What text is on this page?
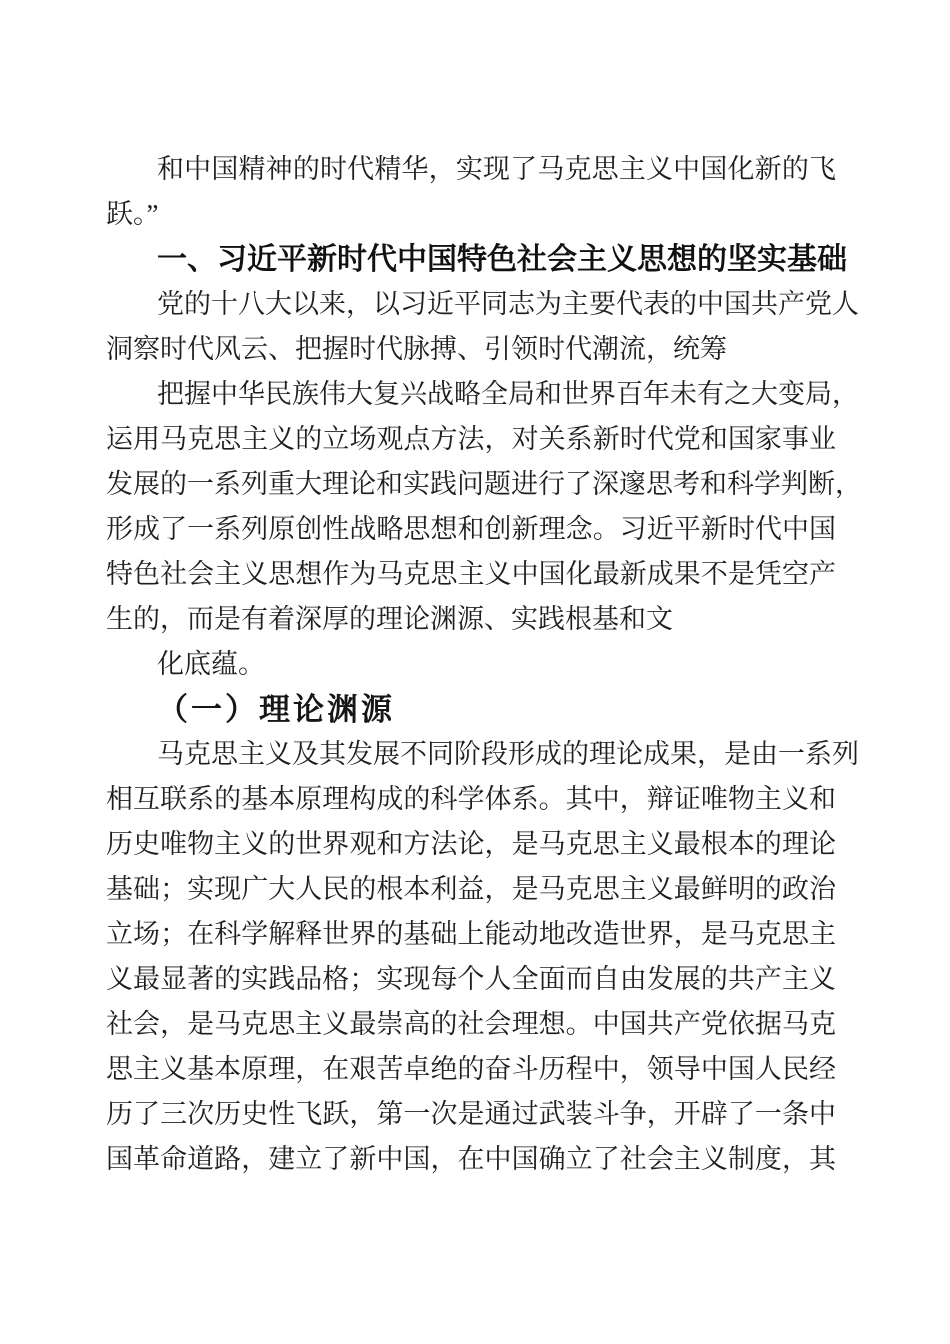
和中国精神的时代精华，实现了马克思主义中国化新的飞
跃。”
一、习近平新时代中国特色社会主义思想的坚实基础
党的十八大以来，以习近平同志为主要代表的中国共产党人
洞察时代风云、把握时代脉搏、引领时代潮流，统筹
把握中华民族伟大复兴战略全局和世界百年未有之大变局，
运用马克思主义的立场观点方法，对关系新时代党和国家事业
发展的一系列重大理论和实践问题进行了深邃思考和科学判断，
形成了一系列原创性战略思想和创新理念。习近平新时代中国
特色社会主义思想作为马克思主义中国化最新成果不是凭空产
生的，而是有着深厚的理论渊源、实践根基和文
化底蕴。
（一）理论渊源
马克思主义及其发展不同阶段形成的理论成果，是由一系列
相互联系的基本原理构成的科学体系。其中，辩证唯物主义和
历史唯物主义的世界观和方法论，是马克思主义最根本的理论
基础；实现广大人民的根本利益，是马克思主义最鲜明的政治
立场；在科学解释世界的基础上能动地改造世界，是马克思主
义最显著的实践品格；实现每个人全面而自由发展的共产主义
社会，是马克思主义最崇高的社会理想。中国共产党依据马克
思主义基本原理，在艰苦卓绝的奋斗历程中，领导中国人民经
历了三次历史性飞跃，第一次是通过武装斗争，开辟了一条中
国革命道路，建立了新中国，在中国确立了社会主义制度，其
